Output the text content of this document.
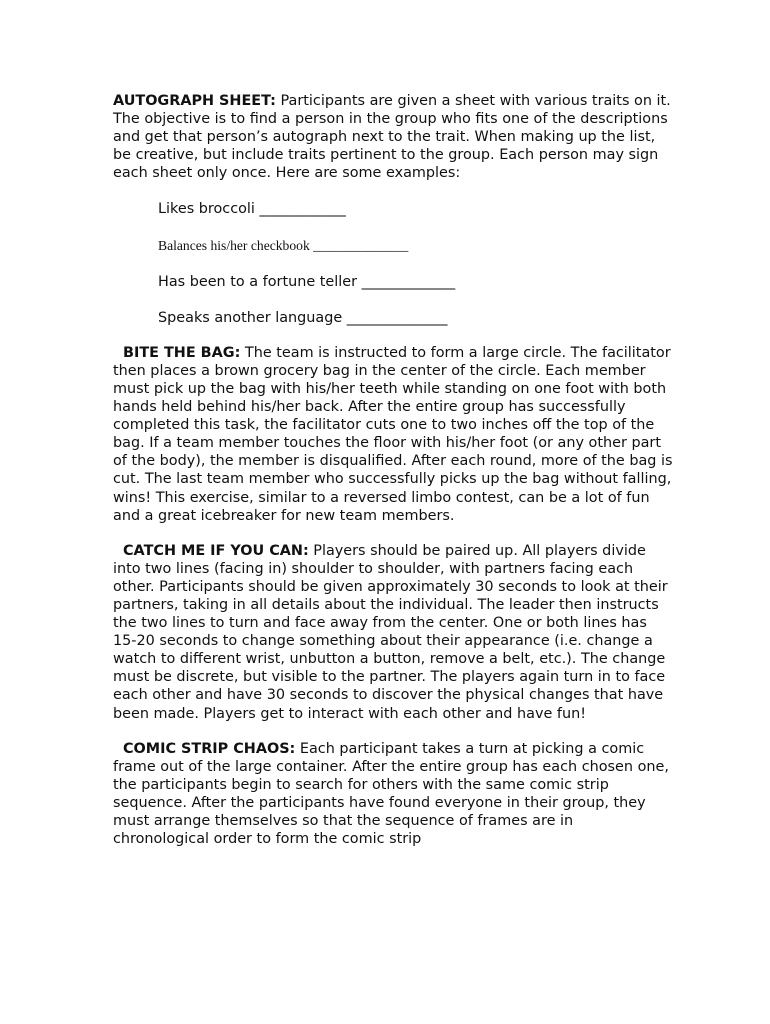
AUTOGRAPH SHEET: Participants are given a sheet with various traits on it. The objective is to find a person in the group who fits one of the descriptions and get that person’s autograph next to the trait. When making up the list, be creative, but include traits pertinent to the group. Each person may sign each sheet only once. Here are some examples:

Likes broccoli ____________
Balances his/her checkbook ______________
Has been to a fortune teller _____________
Speaks another language ______________

BITE THE BAG: The team is instructed to form a large circle. The facilitator then places a brown grocery bag in the center of the circle. Each member must pick up the bag with his/her teeth while standing on one foot with both hands held behind his/her back. After the entire group has successfully completed this task, the facilitator cuts one to two inches off the top of the bag. If a team member touches the floor with his/her foot (or any other part of the body), the member is disqualified. After each round, more of the bag is cut. The last team member who successfully picks up the bag without falling, wins! This exercise, similar to a reversed limbo contest, can be a lot of fun and a great icebreaker for new team members.

CATCH ME IF YOU CAN: Players should be paired up. All players divide into two lines (facing in) shoulder to shoulder, with partners facing each other. Participants should be given approximately 30 seconds to look at their partners, taking in all details about the individual. The leader then instructs the two lines to turn and face away from the center. One or both lines has 15-20 seconds to change something about their appearance (i.e. change a watch to different wrist, unbutton a button, remove a belt, etc.). The change must be discrete, but visible to the partner. The players again turn in to face each other and have 30 seconds to discover the physical changes that have been made. Players get to interact with each other and have fun!

COMIC STRIP CHAOS: Each participant takes a turn at picking a comic frame out of the large container. After the entire group has each chosen one, the participants begin to search for others with the same comic strip sequence. After the participants have found everyone in their group, they must arrange themselves so that the sequence of frames are in chronological order to form the comic strip
